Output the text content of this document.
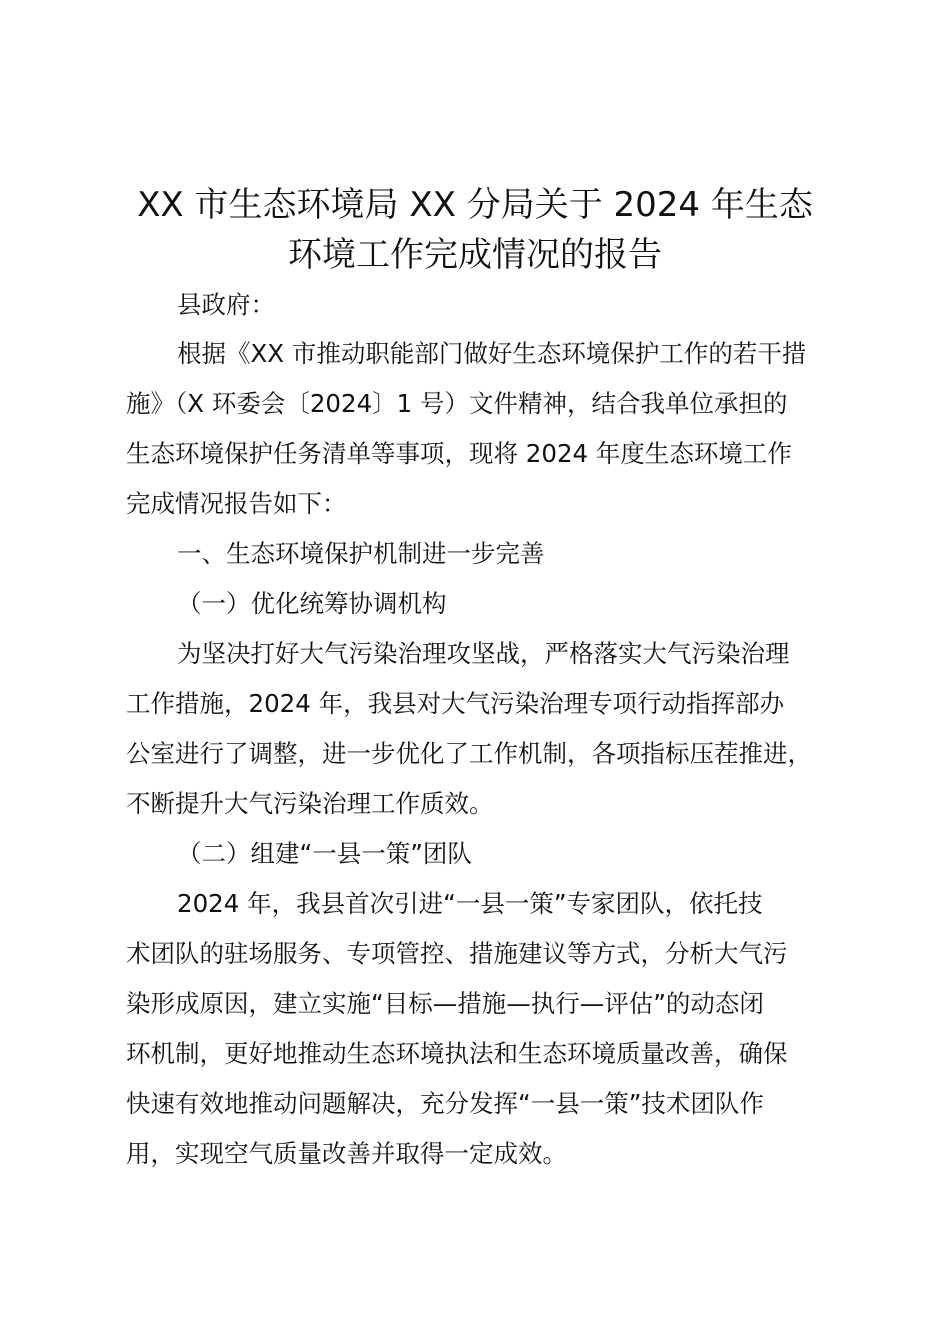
XX 市生态环境局 XX 分局关于 2024 年生态
环境工作完成情况的报告

县政府：

根据《XX 市推动职能部门做好生态环境保护工作的若干措

施》（X 环委会〔2024〕1 号）文件精神，结合我单位承担的

生态环境保护任务清单等事项，现将 2024 年度生态环境工作

完成情况报告如下：

一、生态环境保护机制进一步完善

（一）优化统筹协调机构

为坚决打好大气污染治理攻坚战，严格落实大气污染治理

工作措施，2024 年，我县对大气污染治理专项行动指挥部办

公室进行了调整，进一步优化了工作机制，各项指标压茬推进，

不断提升大气污染治理工作质效。

（二）组建“一县一策”团队

2024 年，我县首次引进“一县一策”专家团队，依托技

术团队的驻场服务、专项管控、措施建议等方式，分析大气污

染形成原因，建立实施“目标—措施—执行—评估”的动态闭

环机制，更好地推动生态环境执法和生态环境质量改善，确保

快速有效地推动问题解决，充分发挥“一县一策”技术团队作

用，实现空气质量改善并取得一定成效。
